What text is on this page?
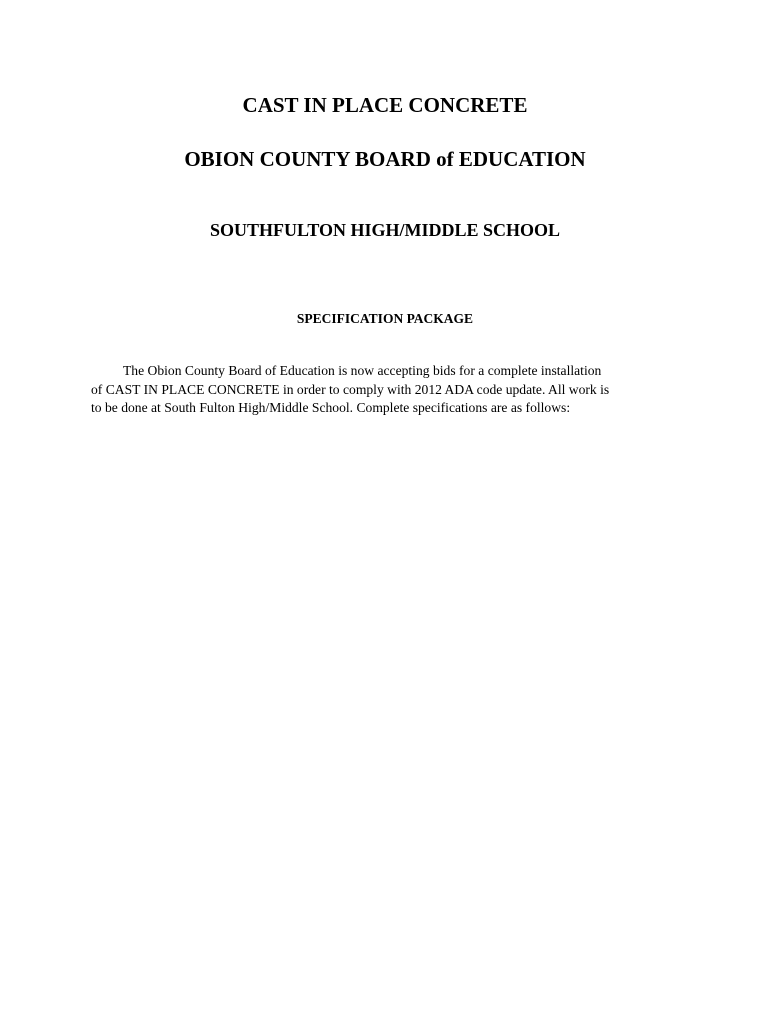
CAST IN PLACE CONCRETE
OBION COUNTY BOARD of EDUCATION
SOUTHFULTON HIGH/MIDDLE SCHOOL
SPECIFICATION PACKAGE

The Obion County Board of Education is now accepting bids for a complete installation
of CAST IN PLACE CONCRETE in order to comply with 2012 ADA code update. All work is
to be done at South Fulton High/Middle School. Complete specifications are as follows:
